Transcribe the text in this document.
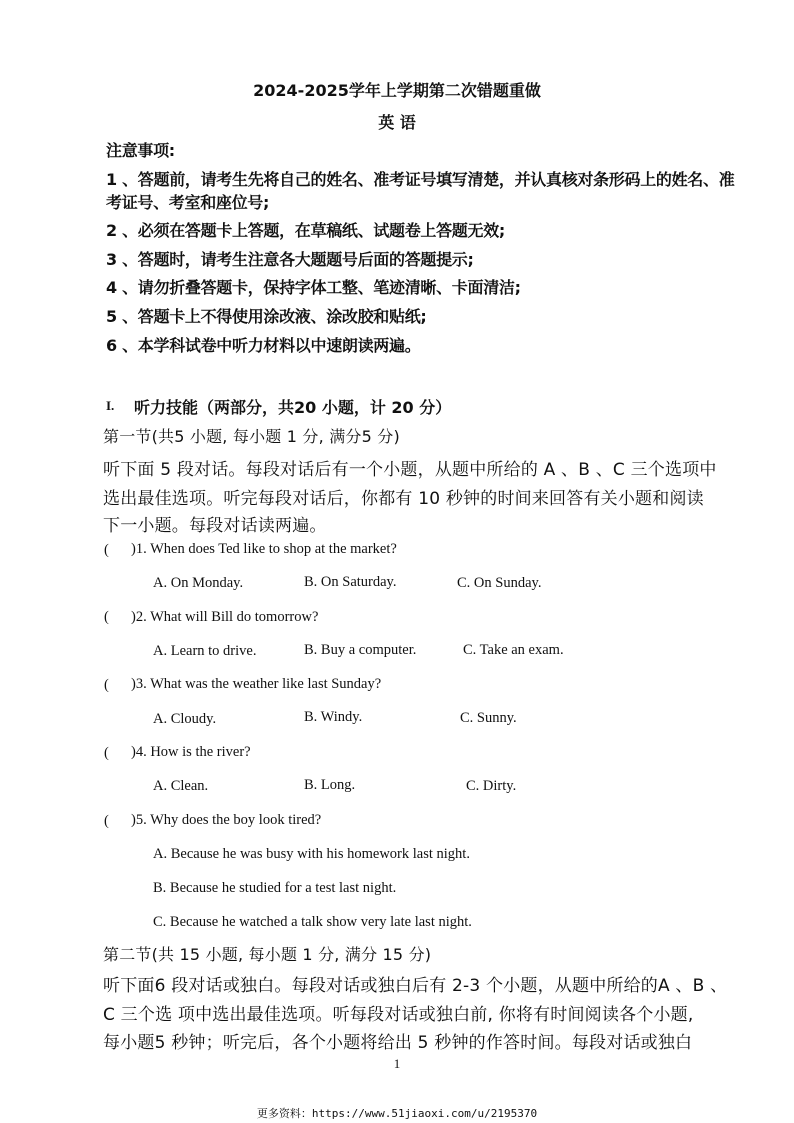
2024-2025学年上学期第二次错题重做
英 语
注意事项:
1 、答题前，请考生先将自己的姓名、准考证号填写清楚，并认真核对条形码上的姓名、准
考证号、考室和座位号;
2 、必须在答题卡上答题，在草稿纸、试题卷上答题无效;
3 、答题时，请考生注意各大题题号后面的答题提示;
4 、请勿折叠答题卡，保持字体工整、笔迹清晰、卡面清洁;
5 、答题卡上不得使用涂改液、涂改胶和贴纸;
6 、本学科试卷中听力材料以中速朗读两遍。
I. 听力技能（两部分，共20 小题，计 20 分）
第一节(共5 小题, 每小题 1 分, 满分5 分)
听下面 5 段对话。每段对话后有一个小题，从题中所给的 A 、B 、C 三个选项中
选出最佳选项。听完每段对话后，你都有 10 秒钟的时间来回答有关小题和阅读
下一小题。每段对话读两遍。
( )1. When does Ted like to shop at the market?
A. On Monday.	B. On Saturday.	C. On Sunday.
( )2. What will Bill do tomorrow?
A. Learn to drive.	B. Buy a computer.	C. Take an exam.
( )3. What was the weather like last Sunday?
A. Cloudy.	B. Windy.	C. Sunny.
( )4. How is the river?
A. Clean.	B. Long.	C. Dirty.
( )5. Why does the boy look tired?
A. Because he was busy with his homework last night.
B. Because he studied for a test last night.
C. Because he watched a talk show very late last night.
第二节(共 15 小题, 每小题 1 分, 满分 15 分)
听下面6 段对话或独白。每段对话或独白后有 2-3 个小题，从题中所给的A 、B 、
C 三个选 项中选出最佳选项。听每段对话或独白前, 你将有时间阅读各个小题,
每小题5 秒钟；听完后，各个小题将给出 5 秒钟的作答时间。每段对话或独白
1
更多资料：https://www.51jiaoxi.com/u/2195370
